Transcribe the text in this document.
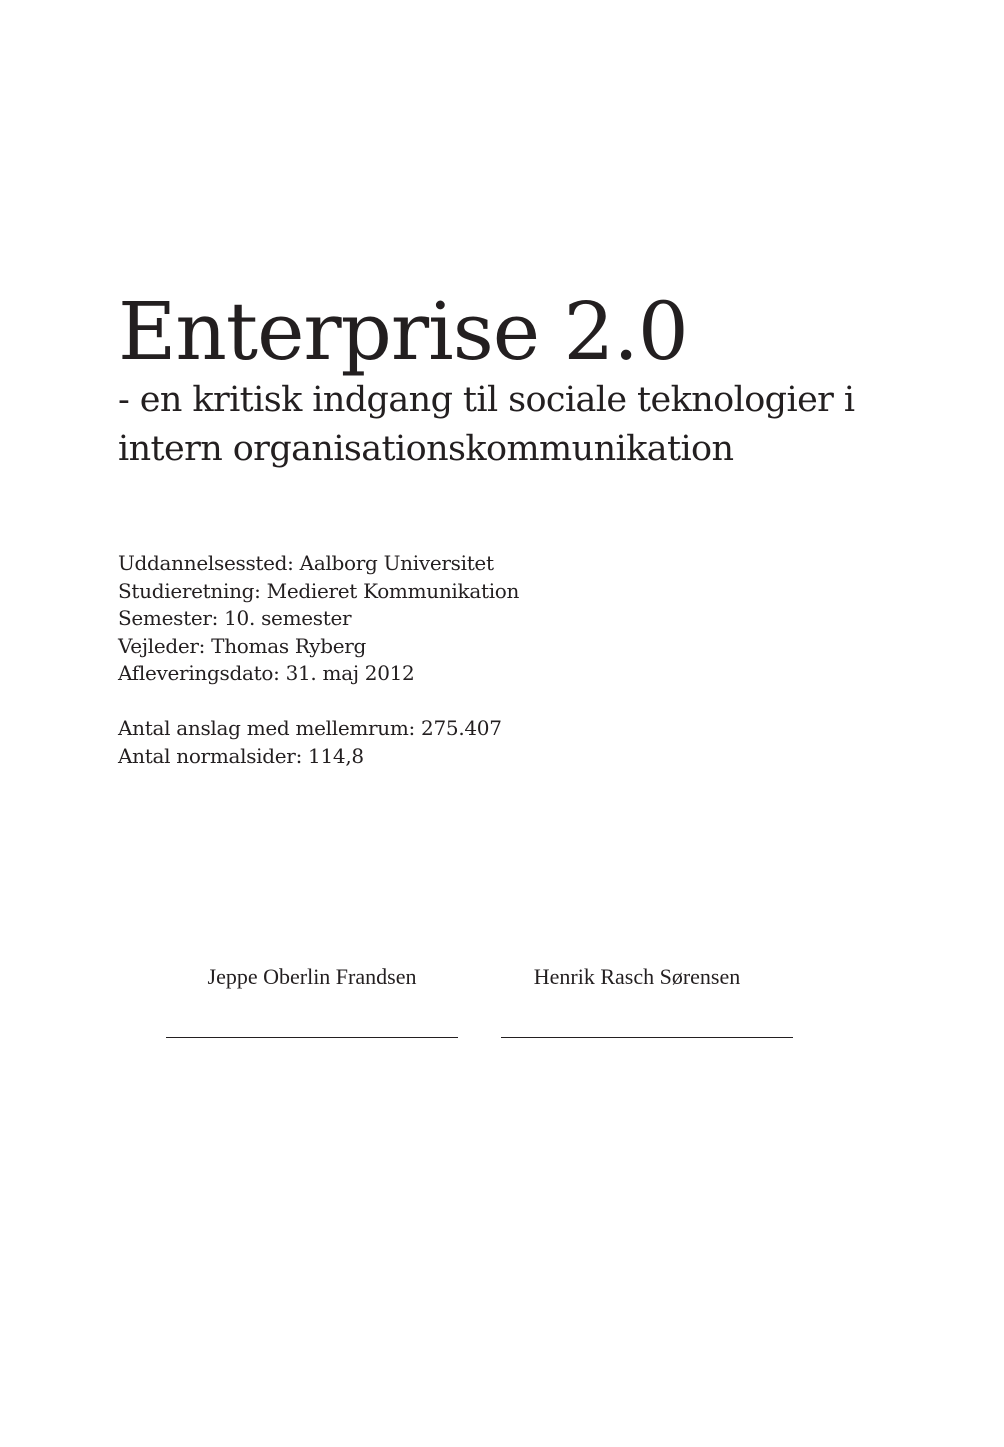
Enterprise 2.0
- en kritisk indgang til sociale teknologier i
intern organisationskommunikation
Uddannelsessted: Aalborg Universitet
Studieretning: Medieret Kommunikation
Semester: 10. semester
Vejleder: Thomas Ryberg
Afleveringsdato: 31. maj 2012
Antal anslag med mellemrum: 275.407
Antal normalsider: 114,8
Jeppe Oberlin Frandsen	Henrik Rasch Sørensen
